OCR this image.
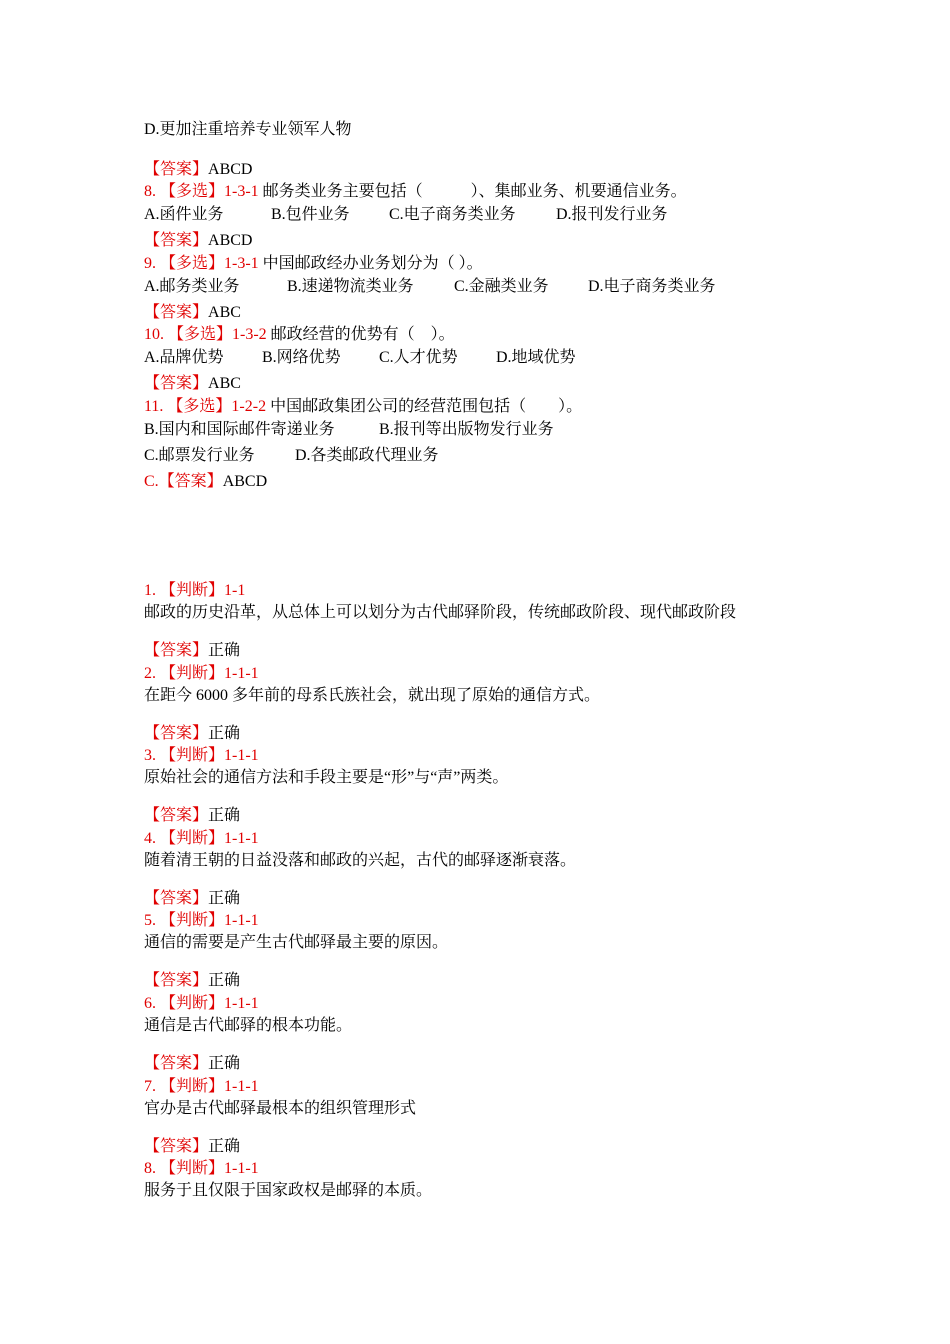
D.更加注重培养专业领军人物
【答案】ABCD
8. 【多选】1-3-1 邮务类业务主要包括（　　　）、集邮业务、机要通信业务。
A.函件业务	B.包件业务 C.电子商务类业务	D.报刊发行业务
【答案】ABCD
9. 【多选】1-3-1 中国邮政经办业务划分为（ ）。
A.邮务类业务	B.速递物流类业务	C.金融类业务 D.电子商务类业务
【答案】ABC
10. 【多选】1-3-2 邮政经营的优势有（　）。
A.品牌优势 B.网络优势 C.人才优势 D.地域优势
【答案】ABC
11. 【多选】1-2-2 中国邮政集团公司的经营范围包括（　　）。
B.国内和国际邮件寄递业务	B.报刊等出版物发行业务
C.邮票发行业务	D.各类邮政代理业务
C.【答案】ABCD
1. 【判断】1-1
邮政的历史沿革，从总体上可以划分为古代邮驿阶段，传统邮政阶段、现代邮政阶段
【答案】正确
2. 【判断】1-1-1
在距今 6000 多年前的母系氏族社会，就出现了原始的通信方式。
【答案】正确
3. 【判断】1-1-1
原始社会的通信方法和手段主要是“形”与“声”两类。
【答案】正确
4. 【判断】1-1-1
随着清王朝的日益没落和邮政的兴起，古代的邮驿逐渐衰落。
【答案】正确
5. 【判断】1-1-1
通信的需要是产生古代邮驿最主要的原因。
【答案】正确
6. 【判断】1-1-1
通信是古代邮驿的根本功能。
【答案】正确
7. 【判断】1-1-1
官办是古代邮驿最根本的组织管理形式
【答案】正确
8. 【判断】1-1-1
服务于且仅限于国家政权是邮驿的本质。
